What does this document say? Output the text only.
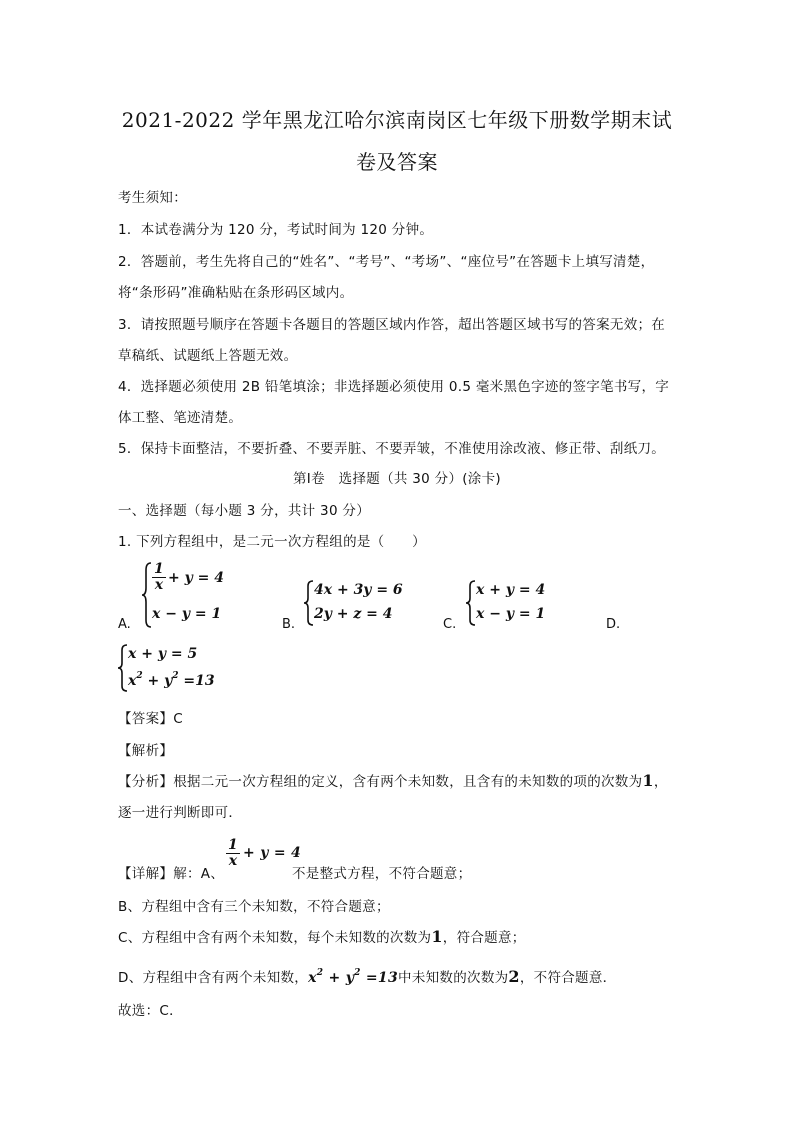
2021-2022 学年黑龙江哈尔滨南岗区七年级下册数学期末试
卷及答案
考生须知：
1．本试卷满分为 120 分，考试时间为 120 分钟。
2．答题前，考生先将自己的“姓名”、“考号”、“考场”、“座位号”在答题卡上填写清楚，
将“条形码”准确粘贴在条形码区域内。
3．请按照题号顺序在答题卡各题目的答题区域内作答，超出答题区域书写的答案无效；在
草稿纸、试题纸上答题无效。
4．选择题必须使用 2B 铅笔填涂；非选择题必须使用 0.5 毫米黑色字迹的签字笔书写，字
体工整、笔迹清楚。
5．保持卡面整洁，不要折叠、不要弄脏、不要弄皱，不准使用涂改液、修正带、刮纸刀。
第Ⅰ卷　选择题（共 30 分）(涂卡)
一、选择题（每小题 3 分，共计 30 分）
1. 下列方程组中，是二元一次方程组的是（　　）
A.
$\frac{1}{x} + y = 4$
x − y = 1
B.
4x + 3y = 6
2y + z = 4
C.
x + y = 4
x − y = 1
D.
x + y = 5
$x^2 + y^2 =13$
【答案】C
【解析】
【分析】根据二元一次方程组的定义，含有两个未知数，且含有的未知数的项的次数为1，
逐一进行判断即可．
【详解】解：A、
$\frac{1}{x} + y = 4$
不是整式方程，不符合题意；
B、方程组中含有三个未知数，不符合题意；
C、方程组中含有两个未知数，每个未知数的次数为1，符合题意；
D、方程组中含有两个未知数，$x^2 + y^2 =13$中未知数的次数为2，不符合题意．
故选：C．
